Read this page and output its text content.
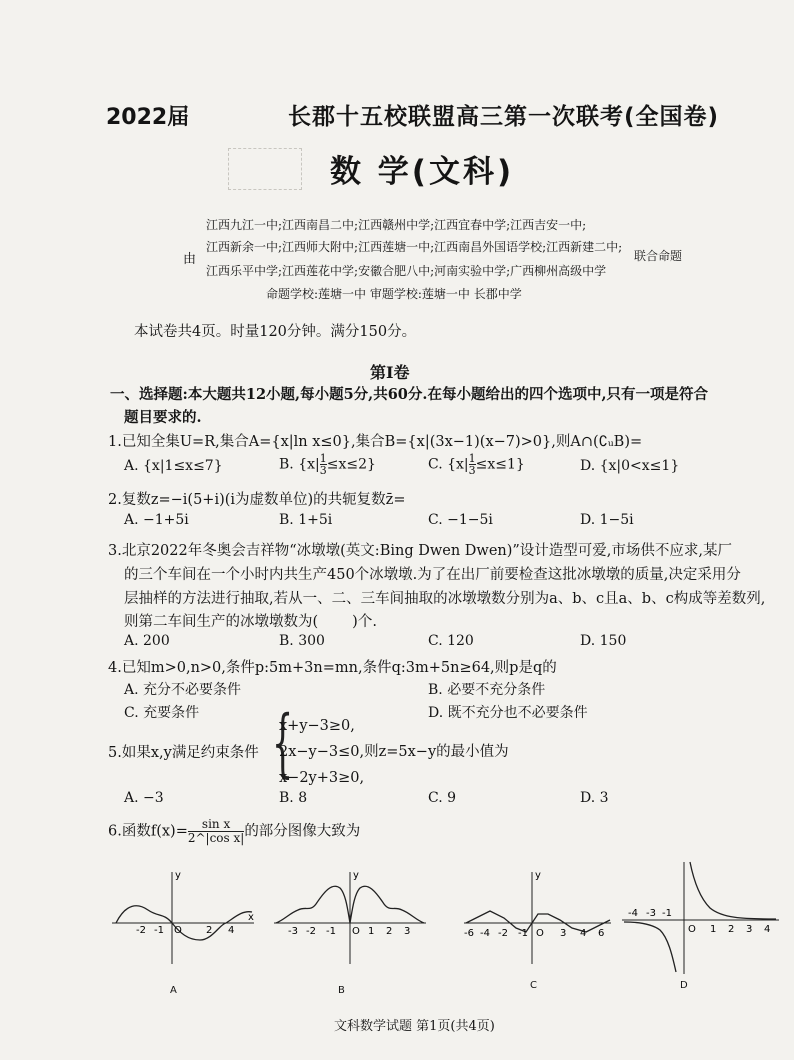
2022届	长郡十五校联盟高三第一次联考(全国卷)
数 学(文科)
江西九江一中;江西南昌二中;江西赣州中学;江西宜春中学;江西吉安一中;
江西新余一中;江西师大附中;江西莲塘一中;江西南昌外国语学校;江西新建二中;
江西乐平中学;江西莲花中学;安徽合肥八中;河南实验中学;广西柳州高级中学
命题学校:莲塘一中 审题学校:莲塘一中 长郡中学
由	联合命题
本试卷共4页。时量120分钟。满分150分。
第Ⅰ卷
一、选择题:本大题共12小题,每小题5分,共60分.在每小题给出的四个选项中,只有一项是符合
题目要求的.
1.已知全集U=R,集合A={x|ln x≤0},集合B={x|(3x−1)(x−7)>0},则A∩(∁ᵤB)=
A. {x|1≤x≤7}	B. $\{x| \frac{1}{3} \le x\le 2\}$	C. $\{x| \frac{1}{3} \le x\le 1\}$	D. {x|0<x≤1}
2.复数z=−i(5+i)(i为虚数单位)的共轭复数z̄=
A. −1+5i	B. 1+5i	C. −1−5i	D. 1−5i
3.北京2022年冬奥会吉祥物“冰墩墩(英文:Bing Dwen Dwen)”设计造型可爱,市场供不应求,某厂
的三个车间在一个小时内共生产450个冰墩墩.为了在出厂前要检查这批冰墩墩的质量,决定采用分
层抽样的方法进行抽取,若从一、二、三车间抽取的冰墩墩数分别为a、b、c且a、b、c构成等差数列,
则第二车间生产的冰墩墩数为( )个.
A. 200	B. 300	C. 120	D. 150
4.已知m>0,n>0,条件p:5m+3n=mn,条件q:3m+5n≥64,则p是q的
A. 充分不必要条件	B. 必要不充分条件
C. 充要条件	D. 既不充分也不必要条件
5.如果x,y满足约束条件 {
x+y−3≥0,
2x−y−3≤0,则z=5x−y的最小值为
x−2y+3≥0,
A. −3	B. 8	C. 9	D. 3
6.函数$f(x)= \frac{\text{sin x}}{\text{2\textasciicircum{}|cos x|}}$ 的部分图像大致为
-2 -1 O 2 4
y
x
A
-3 -2 -1 O 1 2 3
y
B
-6 -4 -2 -1 O 3 4 6
y
C
-4 -3 -1
O 1 2 3 4
D
文科数学试题 第1页(共4页)
